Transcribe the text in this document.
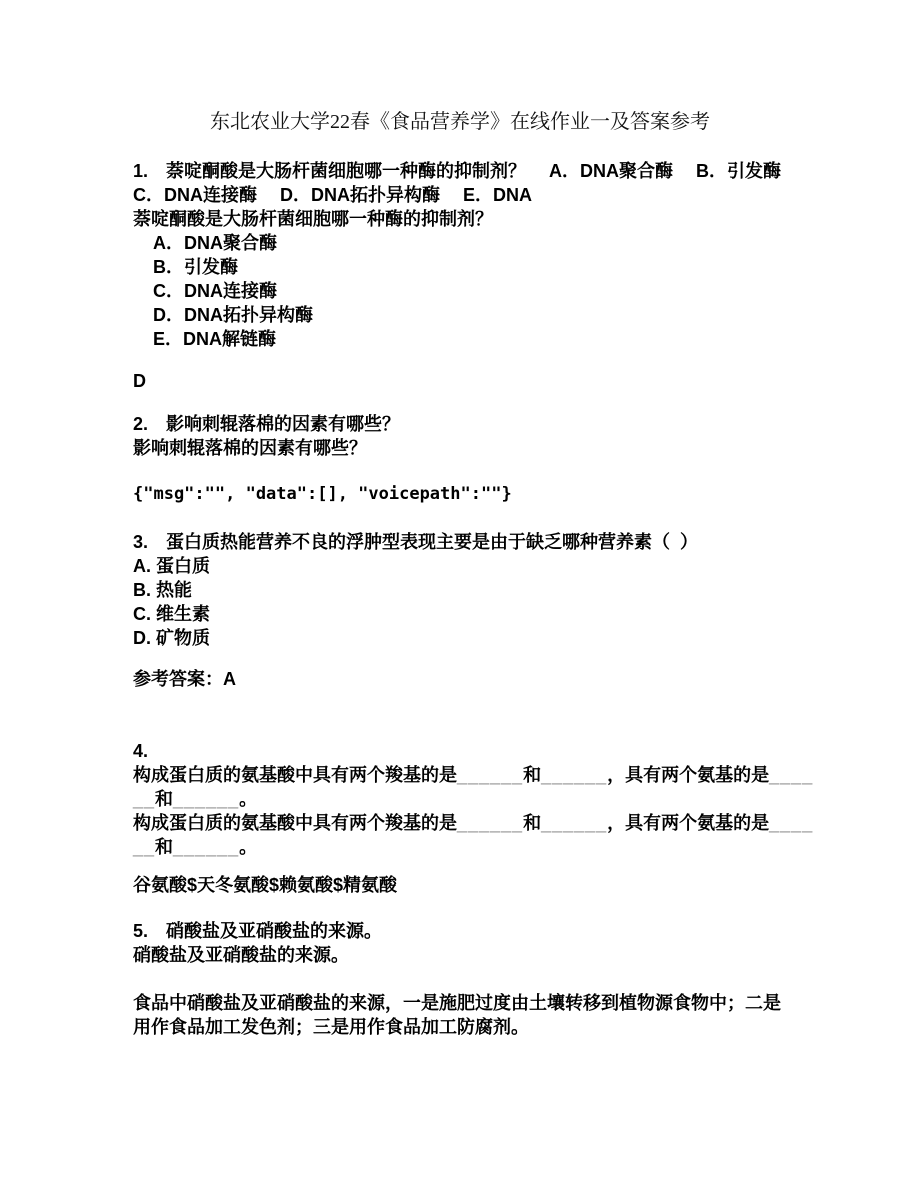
东北农业大学22春《食品营养学》在线作业一及答案参考
1.　萘啶酮酸是大肠杆菌细胞哪一种酶的抑制剂？　 A．DNA聚合酶　 B．引发酶
C．DNA连接酶　 D．DNA拓扑异构酶　 E．DNA
萘啶酮酸是大肠杆菌细胞哪一种酶的抑制剂？
A．DNA聚合酶
B．引发酶
C．DNA连接酶
D．DNA拓扑异构酶
E．DNA解链酶
D
2.　影响刺辊落棉的因素有哪些？
影响刺辊落棉的因素有哪些？
{"msg":"", "data":[], "voicepath":""}
3.　蛋白质热能营养不良的浮肿型表现主要是由于缺乏哪种营养素（  ）
A. 蛋白质
B. 热能
C. 维生素
D. 矿物质
参考答案：A
4.
构成蛋白质的氨基酸中具有两个羧基的是______和______，具有两个氨基的是____
__和______。
构成蛋白质的氨基酸中具有两个羧基的是______和______，具有两个氨基的是____
__和______。
谷氨酸$天冬氨酸$赖氨酸$精氨酸
5.　硝酸盐及亚硝酸盐的来源。
硝酸盐及亚硝酸盐的来源。
食品中硝酸盐及亚硝酸盐的来源，一是施肥过度由土壤转移到植物源食物中；二是
用作食品加工发色剂；三是用作食品加工防腐剂。
